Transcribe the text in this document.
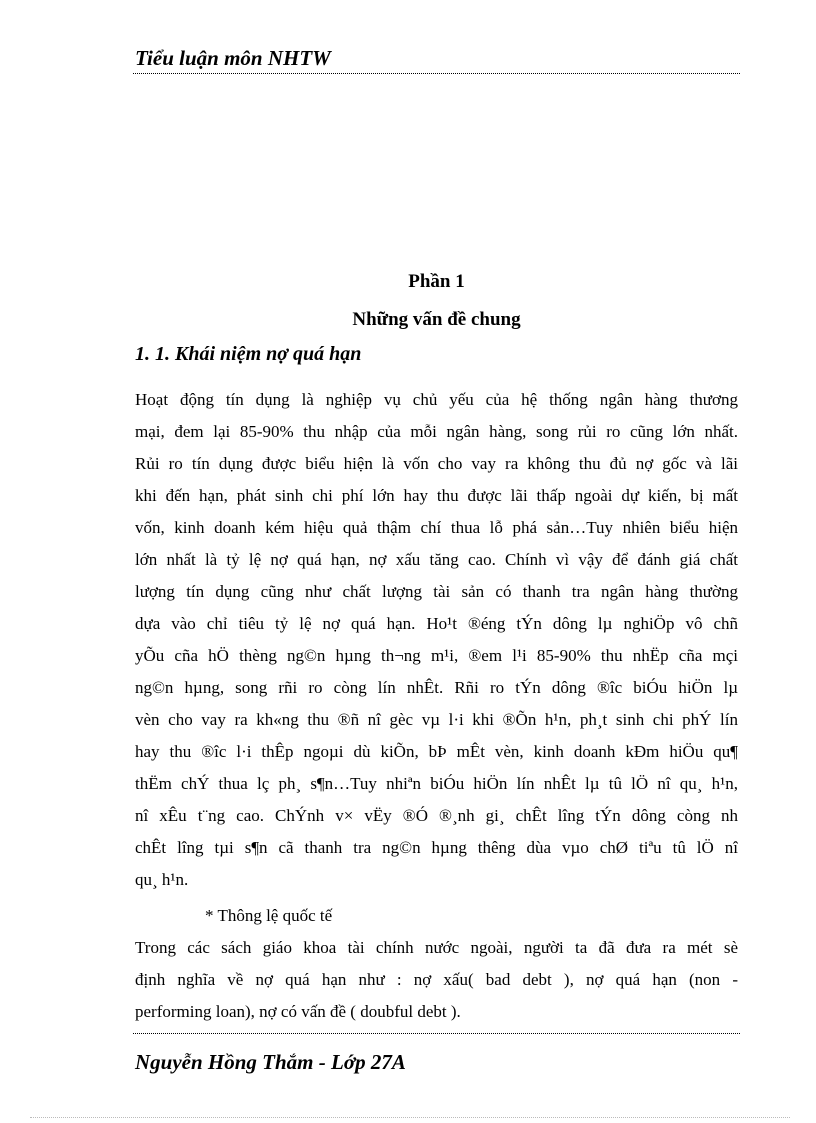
Tiểu luận môn NHTW
Phần 1
Những vấn đề chung
1. 1. Khái niệm nợ quá hạn
Hoạt động tín dụng là nghiệp vụ chủ yếu của hệ thống ngân hàng thương
mại, đem lại 85-90% thu nhập của mỗi ngân hàng, song rủi ro cũng lớn nhất.
Rủi ro tín dụng được biểu hiện là vốn cho vay ra không thu đủ nợ gốc và lãi
khi đến hạn, phát sinh chi phí lớn hay thu được lãi thấp ngoài dự kiến, bị mất
vốn, kinh doanh kém hiệu quả thậm chí thua lỗ phá sản…Tuy nhiên biểu hiện
lớn nhất là tỷ lệ nợ quá hạn, nợ xấu tăng cao. Chính vì vậy để đánh giá chất
lượng tín dụng cũng như chất lượng tài sản có thanh tra ngân hàng thường
dựa vào chỉ tiêu tỷ lệ nợ quá hạn. Ho¹t ®éng tÝn dông lµ nghiÖp vô chñ
yÕu cña hÖ thèng ng©n hµng th¬ng m¹i, ®em l¹i 85-90% thu nhËp cña mçi
ng©n hµng, song rñi ro còng lín nhÊt. Rñi ro tÝn dông ®îc biÓu hiÖn lµ
vèn cho vay ra kh«ng thu ®ñ nî gèc vµ l·i khi ®Õn h¹n, ph¸t sinh chi phÝ lín
hay thu ®îc l·i thÊp ngoµi dù kiÕn, bÞ mÊt vèn, kinh doanh kÐm hiÖu qu¶
thËm chÝ thua lç ph¸ s¶n…Tuy nhiªn biÓu hiÖn lín nhÊt lµ tû lÖ nî qu¸ h¹n,
nî xÊu t¨ng cao. ChÝnh v× vËy ®Ó ®¸nh gi¸ chÊt lîng tÝn dông còng nh
chÊt lîng tµi s¶n cã thanh tra ng©n hµng thêng dùa vµo chØ tiªu tû lÖ nî
qu¸ h¹n.
* Thông lệ quốc tế
Trong các sách giáo khoa tài chính nước ngoài, người ta đã đưa ra mét sè
định nghĩa về nợ quá hạn như : nợ xấu( bad debt ), nợ quá hạn (non -
performing loan), nợ có vấn đề ( doubful debt ).
Nguyễn Hồng Thắm - Lớp 27A
